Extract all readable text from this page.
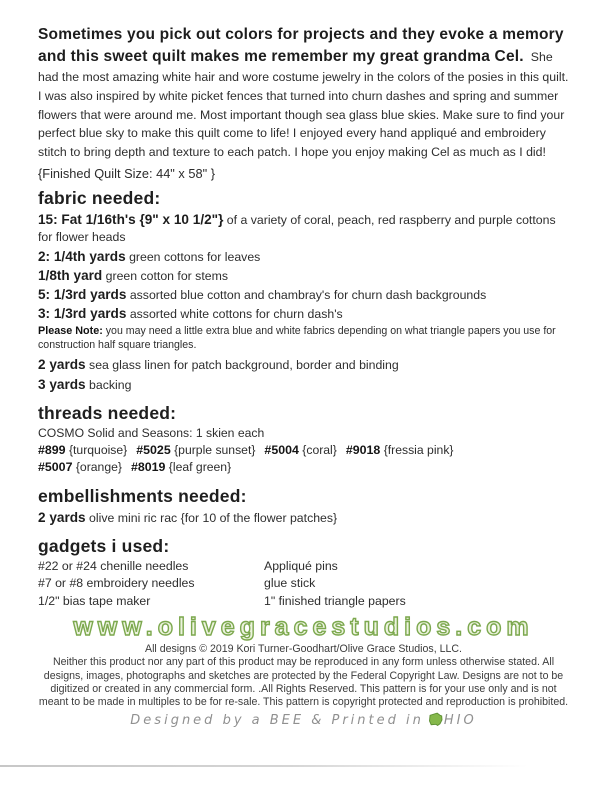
Sometimes you pick out colors for projects and they evoke a memory and this sweet quilt makes me remember my great grandma Cel. She had the most amazing white hair and wore costume jewelry in the colors of the posies in this quilt. I was also inspired by white picket fences that turned into churn dashes and spring and summer flowers that were around me. Most important though sea glass blue skies. Make sure to find your perfect blue sky to make this quilt come to life! I enjoyed every hand appliqué and embroidery stitch to bring depth and texture to each patch. I hope you enjoy making Cel as much as I did!

{Finished Quilt Size: 44" x 58" }
fabric needed:
15: Fat 1/16th's {9" x 10 1/2"} of a variety of coral, peach, red raspberry and purple cottons for flower heads
2: 1/4th yards green cottons for leaves
1/8th yard green cotton for stems
5: 1/3rd yards assorted blue cotton and chambray's for churn dash backgrounds
3: 1/3rd yards assorted white cottons for churn dash's
Please Note: you may need a little extra blue and white fabrics depending on what triangle papers you use for construction half square triangles.
2 yards sea glass linen for patch background, border and binding
3 yards backing
threads needed:
COSMO Solid and Seasons: 1 skien each
#899 {turquoise} #5025 {purple sunset} #5004 {coral} #9018 {fressia pink}
#5007 {orange} #8019 {leaf green}
embellishments needed:
2 yards olive mini ric rac {for 10 of the flower patches}
gadgets i used:
#22 or #24 chenille needles
#7 or #8 embroidery needles
1/2" bias tape maker
Appliqué pins
glue stick
1" finished triangle papers
www.olivegracestudios.com
All designs © 2019 Kori Turner-Goodhart/Olive Grace Studios, LLC.
Neither this product nor any part of this product may be reproduced in any form unless otherwise stated. All designs, images, photographs and sketches are protected by the Federal Copyright Law. Designs are not to be digitized or created in any commercial form. .All Rights Reserved. This pattern is for your use only and is not meant to be made in multiples to be for re-sale. This pattern is copyright protected and reproduction is prohibited.
Designed by a BEE & Printed in HIO
